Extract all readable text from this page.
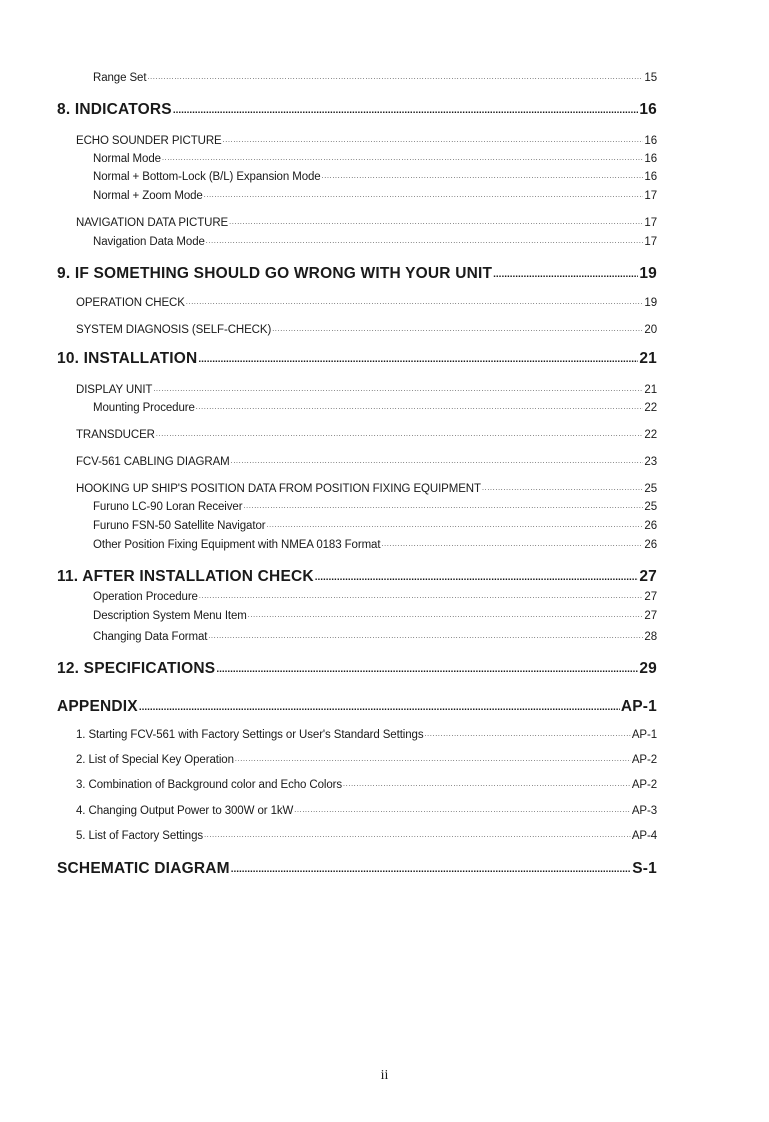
Range Set . . .	15
8. INDICATORS . . .	16
ECHO SOUNDER PICTURE . . .	16
Normal Mode . . .	16
Normal + Bottom-Lock (B/L) Expansion Mode . . .	16
Normal + Zoom Mode . . .	17
NAVIGATION DATA PICTURE . . .	17
Navigation Data Mode . . .	17
9. IF SOMETHING SHOULD GO WRONG WITH YOUR UNIT . . .	19
OPERATION CHECK . . .	19
SYSTEM DIAGNOSIS (SELF-CHECK) . . .	20
10. INSTALLATION . . .	21
DISPLAY UNIT . . .	21
Mounting Procedure . . .	22
TRANSDUCER . . .	22
FCV-561 CABLING DIAGRAM . . .	23
HOOKING UP SHIP'S POSITION DATA FROM POSITION FIXING EQUIPMENT . . .	25
Furuno LC-90 Loran Receiver . . .	25
Furuno FSN-50 Satellite Navigator . . .	26
Other Position Fixing Equipment with NMEA 0183 Format . . .	26
11. AFTER INSTALLATION CHECK . . .	27
Operation Procedure . . .	27
Description System Menu Item . . .	27
Changing Data Format . . .	28
12. SPECIFICATIONS . . .	29
APPENDIX . . .	AP-1
1. Starting FCV-561 with Factory Settings or User's Standard Settings . . .	AP-1
2. List of Special Key Operation . . .	AP-2
3. Combination of Background color and Echo Colors . . .	AP-2
4. Changing Output Power to 300W or 1kW . . .	AP-3
5. List of Factory Settings . . .	AP-4
SCHEMATIC DIAGRAM . . .	S-1
ii
